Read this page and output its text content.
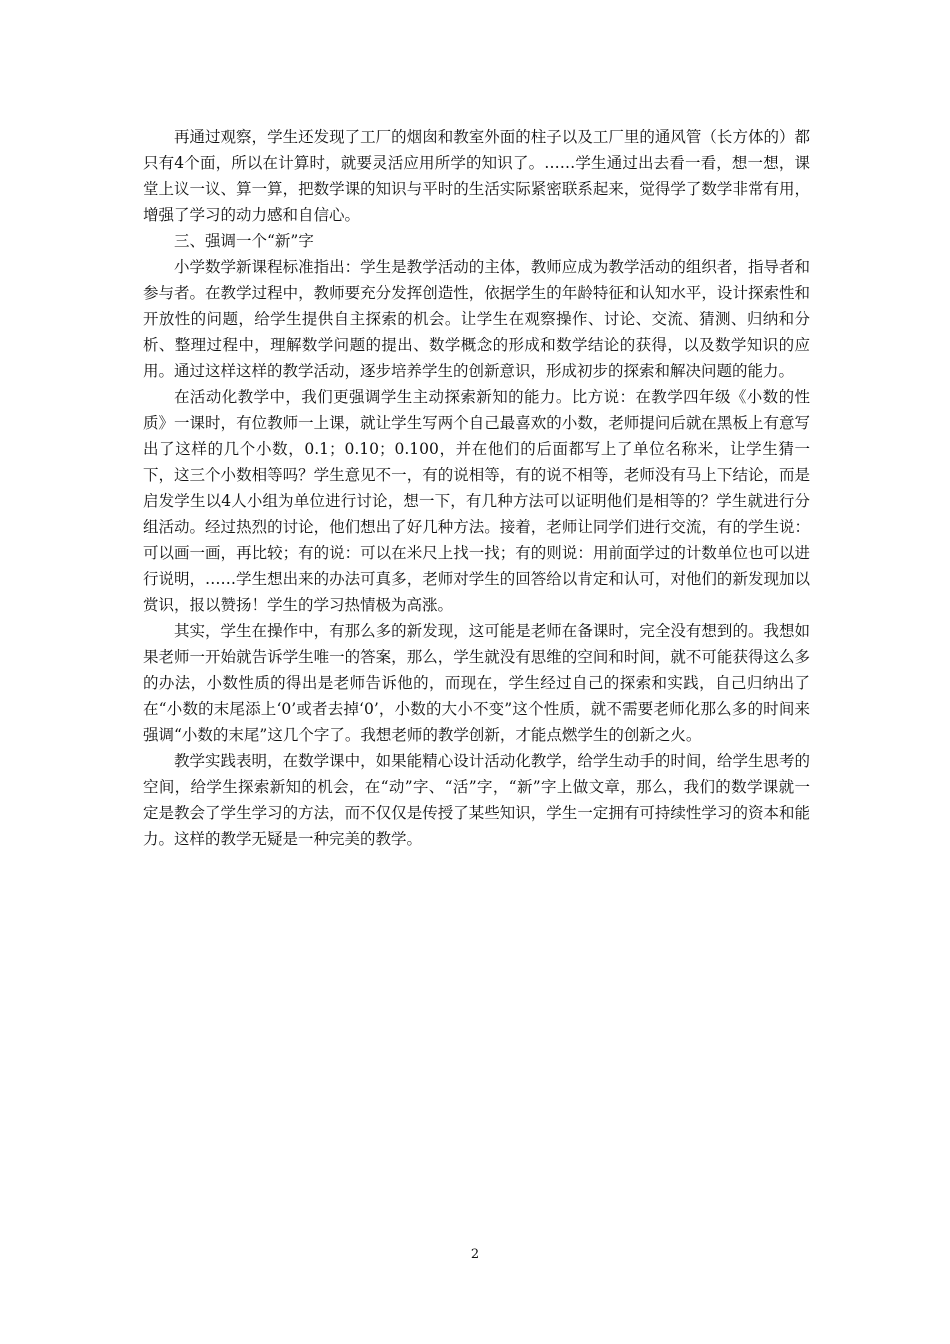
再通过观察，学生还发现了工厂的烟囱和教室外面的柱子以及工厂里的通风管（长方体的）都只有4个面，所以在计算时，就要灵活应用所学的知识了。……学生通过出去看一看，想一想，课堂上议一议、算一算，把数学课的知识与平时的生活实际紧密联系起来，觉得学了数学非常有用，增强了学习的动力感和自信心。

三、强调一个“新”字

小学数学新课程标准指出：学生是教学活动的主体，教师应成为教学活动的组织者，指导者和参与者。在教学过程中，教师要充分发挥创造性，依据学生的年龄特征和认知水平，设计探索性和开放性的问题，给学生提供自主探索的机会。让学生在观察操作、讨论、交流、猜测、归纳和分析、整理过程中，理解数学问题的提出、数学概念的形成和数学结论的获得，以及数学知识的应用。通过这样这样的教学活动，逐步培养学生的创新意识，形成初步的探索和解决问题的能力。

在活动化教学中，我们更强调学生主动探索新知的能力。比方说：在教学四年级《小数的性质》一课时，有位教师一上课，就让学生写两个自己最喜欢的小数，老师提问后就在黑板上有意写出了这样的几个小数，0.1；0.10；0.100，并在他们的后面都写上了单位名称米，让学生猜一下，这三个小数相等吗？学生意见不一，有的说相等，有的说不相等，老师没有马上下结论，而是启发学生以4人小组为单位进行讨论，想一下，有几种方法可以证明他们是相等的？学生就进行分组活动。经过热烈的讨论，他们想出了好几种方法。接着，老师让同学们进行交流，有的学生说：可以画一画，再比较；有的说：可以在米尺上找一找；有的则说：用前面学过的计数单位也可以进行说明，……学生想出来的办法可真多，老师对学生的回答给以肯定和认可，对他们的新发现加以赏识，报以赞扬！学生的学习热情极为高涨。

其实，学生在操作中，有那么多的新发现，这可能是老师在备课时，完全没有想到的。我想如果老师一开始就告诉学生唯一的答案，那么，学生就没有思维的空间和时间，就不可能获得这么多的办法，小数性质的得出是老师告诉他的，而现在，学生经过自己的探索和实践，自己归纳出了在“小数的末尾添上‘0’或者去掉‘0’，小数的大小不变”这个性质，就不需要老师化那么多的时间来强调“小数的末尾”这几个字了。我想老师的教学创新，才能点燃学生的创新之火。

教学实践表明，在数学课中，如果能精心设计活动化教学，给学生动手的时间，给学生思考的空间，给学生探索新知的机会，在“动”字、“活”字，“新”字上做文章，那么，我们的数学课就一定是教会了学生学习的方法，而不仅仅是传授了某些知识，学生一定拥有可持续性学习的资本和能力。这样的教学无疑是一种完美的教学。

2
